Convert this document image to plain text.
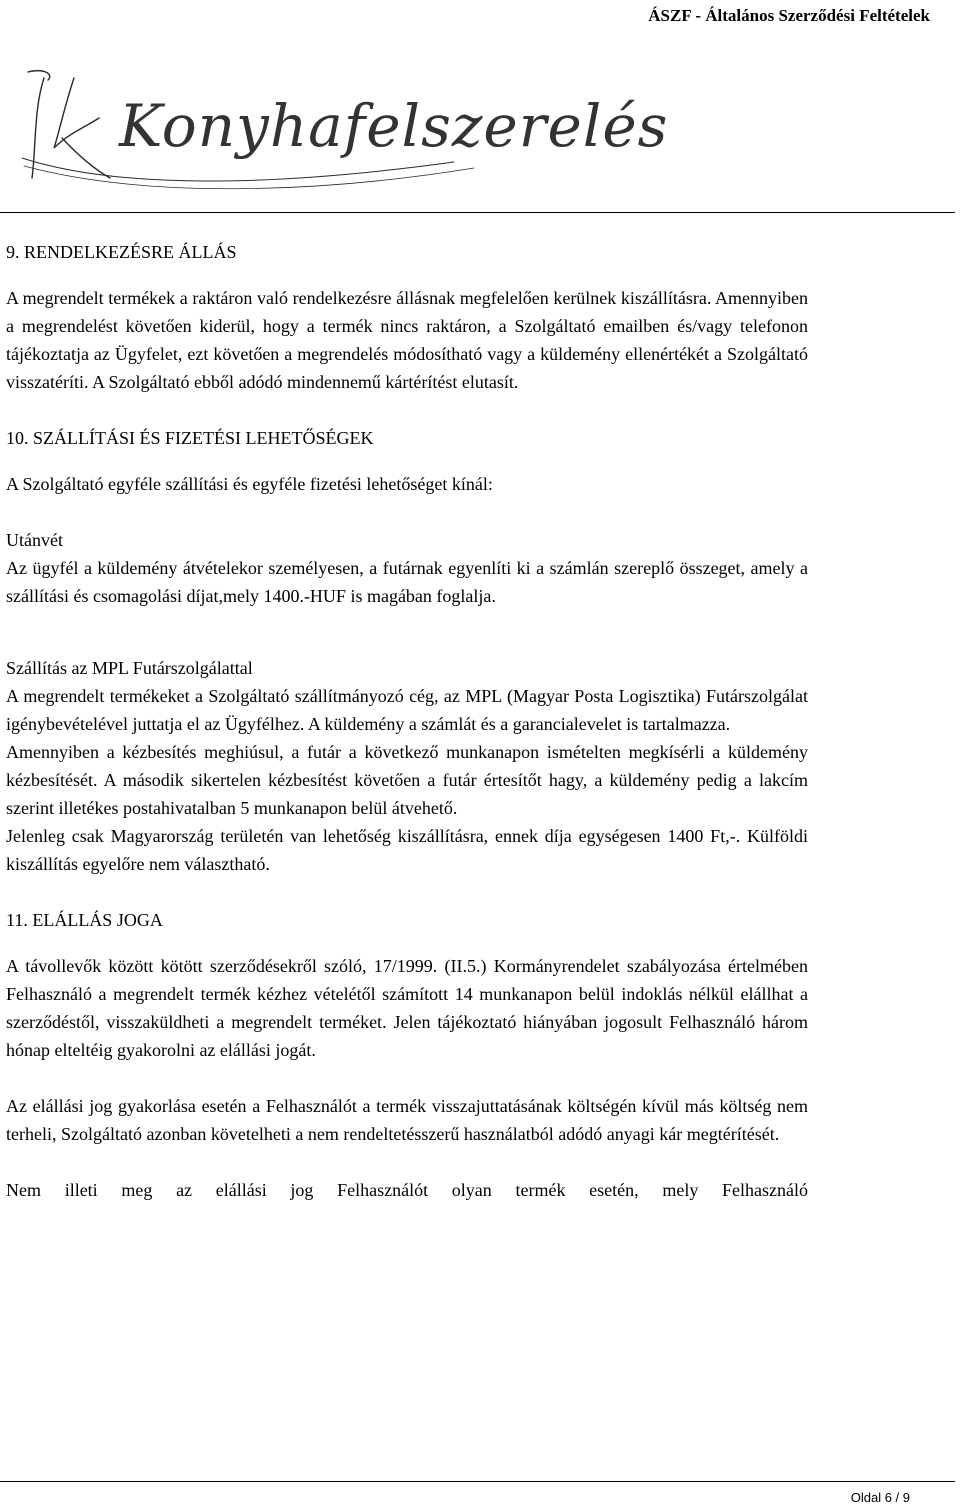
ÁSZF - Általános Szerződési Feltételek
Konyhafelszerelés
9. RENDELKEZÉSRE ÁLLÁS

A megrendelt termékek a raktáron való rendelkezésre állásnak megfelelően kerülnek kiszállításra. Amennyiben a megrendelést követően kiderül, hogy a termék nincs raktáron, a Szolgáltató emailben és/vagy telefonon tájékoztatja az Ügyfelet, ezt követően a megrendelés módosítható vagy a küldemény ellenértékét a Szolgáltató visszatéríti. A Szolgáltató ebből adódó mindennemű kártérítést elutasít.

10. SZÁLLÍTÁSI ÉS FIZETÉSI LEHETŐSÉGEK

A Szolgáltató egyféle szállítási és egyféle fizetési lehetőséget kínál:

Utánvét

Az ügyfél a küldemény átvételekor személyesen, a futárnak egyenlíti ki a számlán szereplő összeget, amely a szállítási és csomagolási díjat,mely 1400.-HUF is magában foglalja.

Szállítás az MPL Futárszolgálattal

A megrendelt termékeket a Szolgáltató szállítmányozó cég, az MPL (Magyar Posta Logisztika) Futárszolgálat igénybevételével juttatja el az Ügyfélhez. A küldemény a számlát és a garancialevelet is tartalmazza.

Amennyiben a kézbesítés meghiúsul, a futár a következő munkanapon ismételten megkísérli a küldemény kézbesítését. A második sikertelen kézbesítést követően a futár értesítőt hagy, a küldemény pedig a lakcím szerint illetékes postahivatalban 5 munkanapon belül átvehető.

Jelenleg csak Magyarország területén van lehetőség kiszállításra, ennek díja egységesen 1400 Ft,-. Külföldi kiszállítás egyelőre nem választható.

11. ELÁLLÁS JOGA

A távollevők között kötött szerződésekről szóló, 17/1999. (II.5.) Kormányrendelet szabályozása értelmében Felhasználó a megrendelt termék kézhez vételétől számított 14 munkanapon belül indoklás nélkül elállhat a szerződéstől, visszaküldheti a megrendelt terméket. Jelen tájékoztató hiányában jogosult Felhasználó három hónap elteltéig gyakorolni az elállási jogát.

Az elállási jog gyakorlása esetén a Felhasználót a termék visszajuttatásának költségén kívül más költség nem terheli, Szolgáltató azonban követelheti a nem rendeltetésszerű használatból adódó anyagi kár megtérítését.

Nem illeti meg az elállási jog Felhasználót olyan termék esetén, mely Felhasználó

Oldal 6 / 9
